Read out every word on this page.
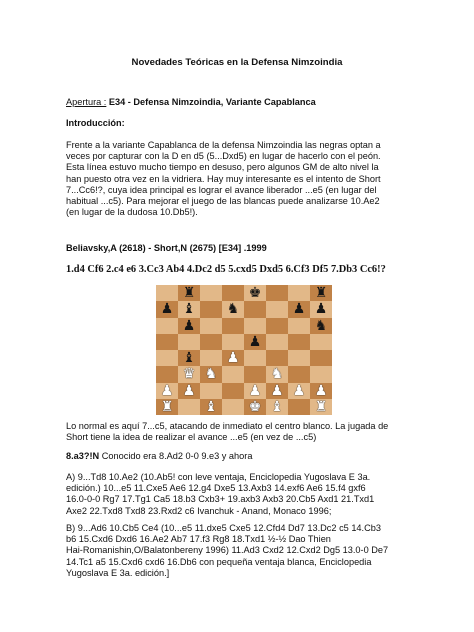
Novedades Teóricas en la Defensa Nimzoindia
Apertura : E34 - Defensa Nimzoindia, Variante Capablanca
Introducción:
Frente a la variante Capablanca de la defensa Nimzoindia las negras optan a
veces por capturar con la D en d5 (5...Dxd5) en lugar de hacerlo con el peón.
Esta línea estuvo mucho tiempo en desuso, pero algunos GM de alto nivel la
han puesto otra vez en la vidriera. Hay muy interesante es el intento de Short
7...Cc6!?, cuya idea principal es lograr el avance liberador ...e5 (en lugar del
habitual ...c5). Para mejorar el juego de las blancas puede analizarse 10.Ae2
(en lugar de la dudosa 10.Db5!).
Beliavsky,A (2618) - Short,N (2675) [E34] .1999
1.d4 Cf6 2.c4 e6 3.Cc3 Ab4 4.Dc2 d5 5.cxd5 Dxd5 6.Cf3 Df5 7.Db3 Cc6!?
♜	♚	♜
♟ ♝ ♞	♟ ♟
♟	♞
♟
♝ ♟
♛ ♞	♞
♟ ♟	♟ ♟ ♟ ♟
♜ ♝ ♚ ♝ ♜
Lo normal es aquí 7...c5, atacando de inmediato el centro blanco. La jugada de
Short tiene la idea de realizar el avance ...e5 (en vez de ...c5)
8.a3?!N Conocido era 8.Ad2 0-0 9.e3 y ahora
A) 9...Td8 10.Ae2 (10.Ab5! con leve ventaja, Enciclopedia Yugoslava E 3a.
edición.) 10...e5 11.Cxe5 Ae6 12.g4 Dxe5 13.Axb3 14.exf6 Ae6 15.f4 gxf6
16.0-0-0 Rg7 17.Tg1 Ca5 18.b3 Cxb3+ 19.axb3 Axb3 20.Cb5 Axd1 21.Txd1
Axe2 22.Txd8 Txd8 23.Rxd2 c6 Ivanchuk - Anand, Monaco 1996;
B) 9...Ad6 10.Cb5 Ce4 (10...e5 11.dxe5 Cxe5 12.Cfd4 Dd7 13.Dc2 c5 14.Cb3
b6 15.Cxd6 Dxd6 16.Ae2 Ab7 17.f3 Rg8 18.Txd1 ½-½ Dao Thien
Hai-Romanishin,O/Balatonbereny 1996) 11.Ad3 Cxd2 12.Cxd2 Dg5 13.0-0 De7
14.Tc1 a5 15.Cxd6 cxd6 16.Db6 con pequeña ventaja blanca, Enciclopedia
Yugoslava E 3a. edición.]
